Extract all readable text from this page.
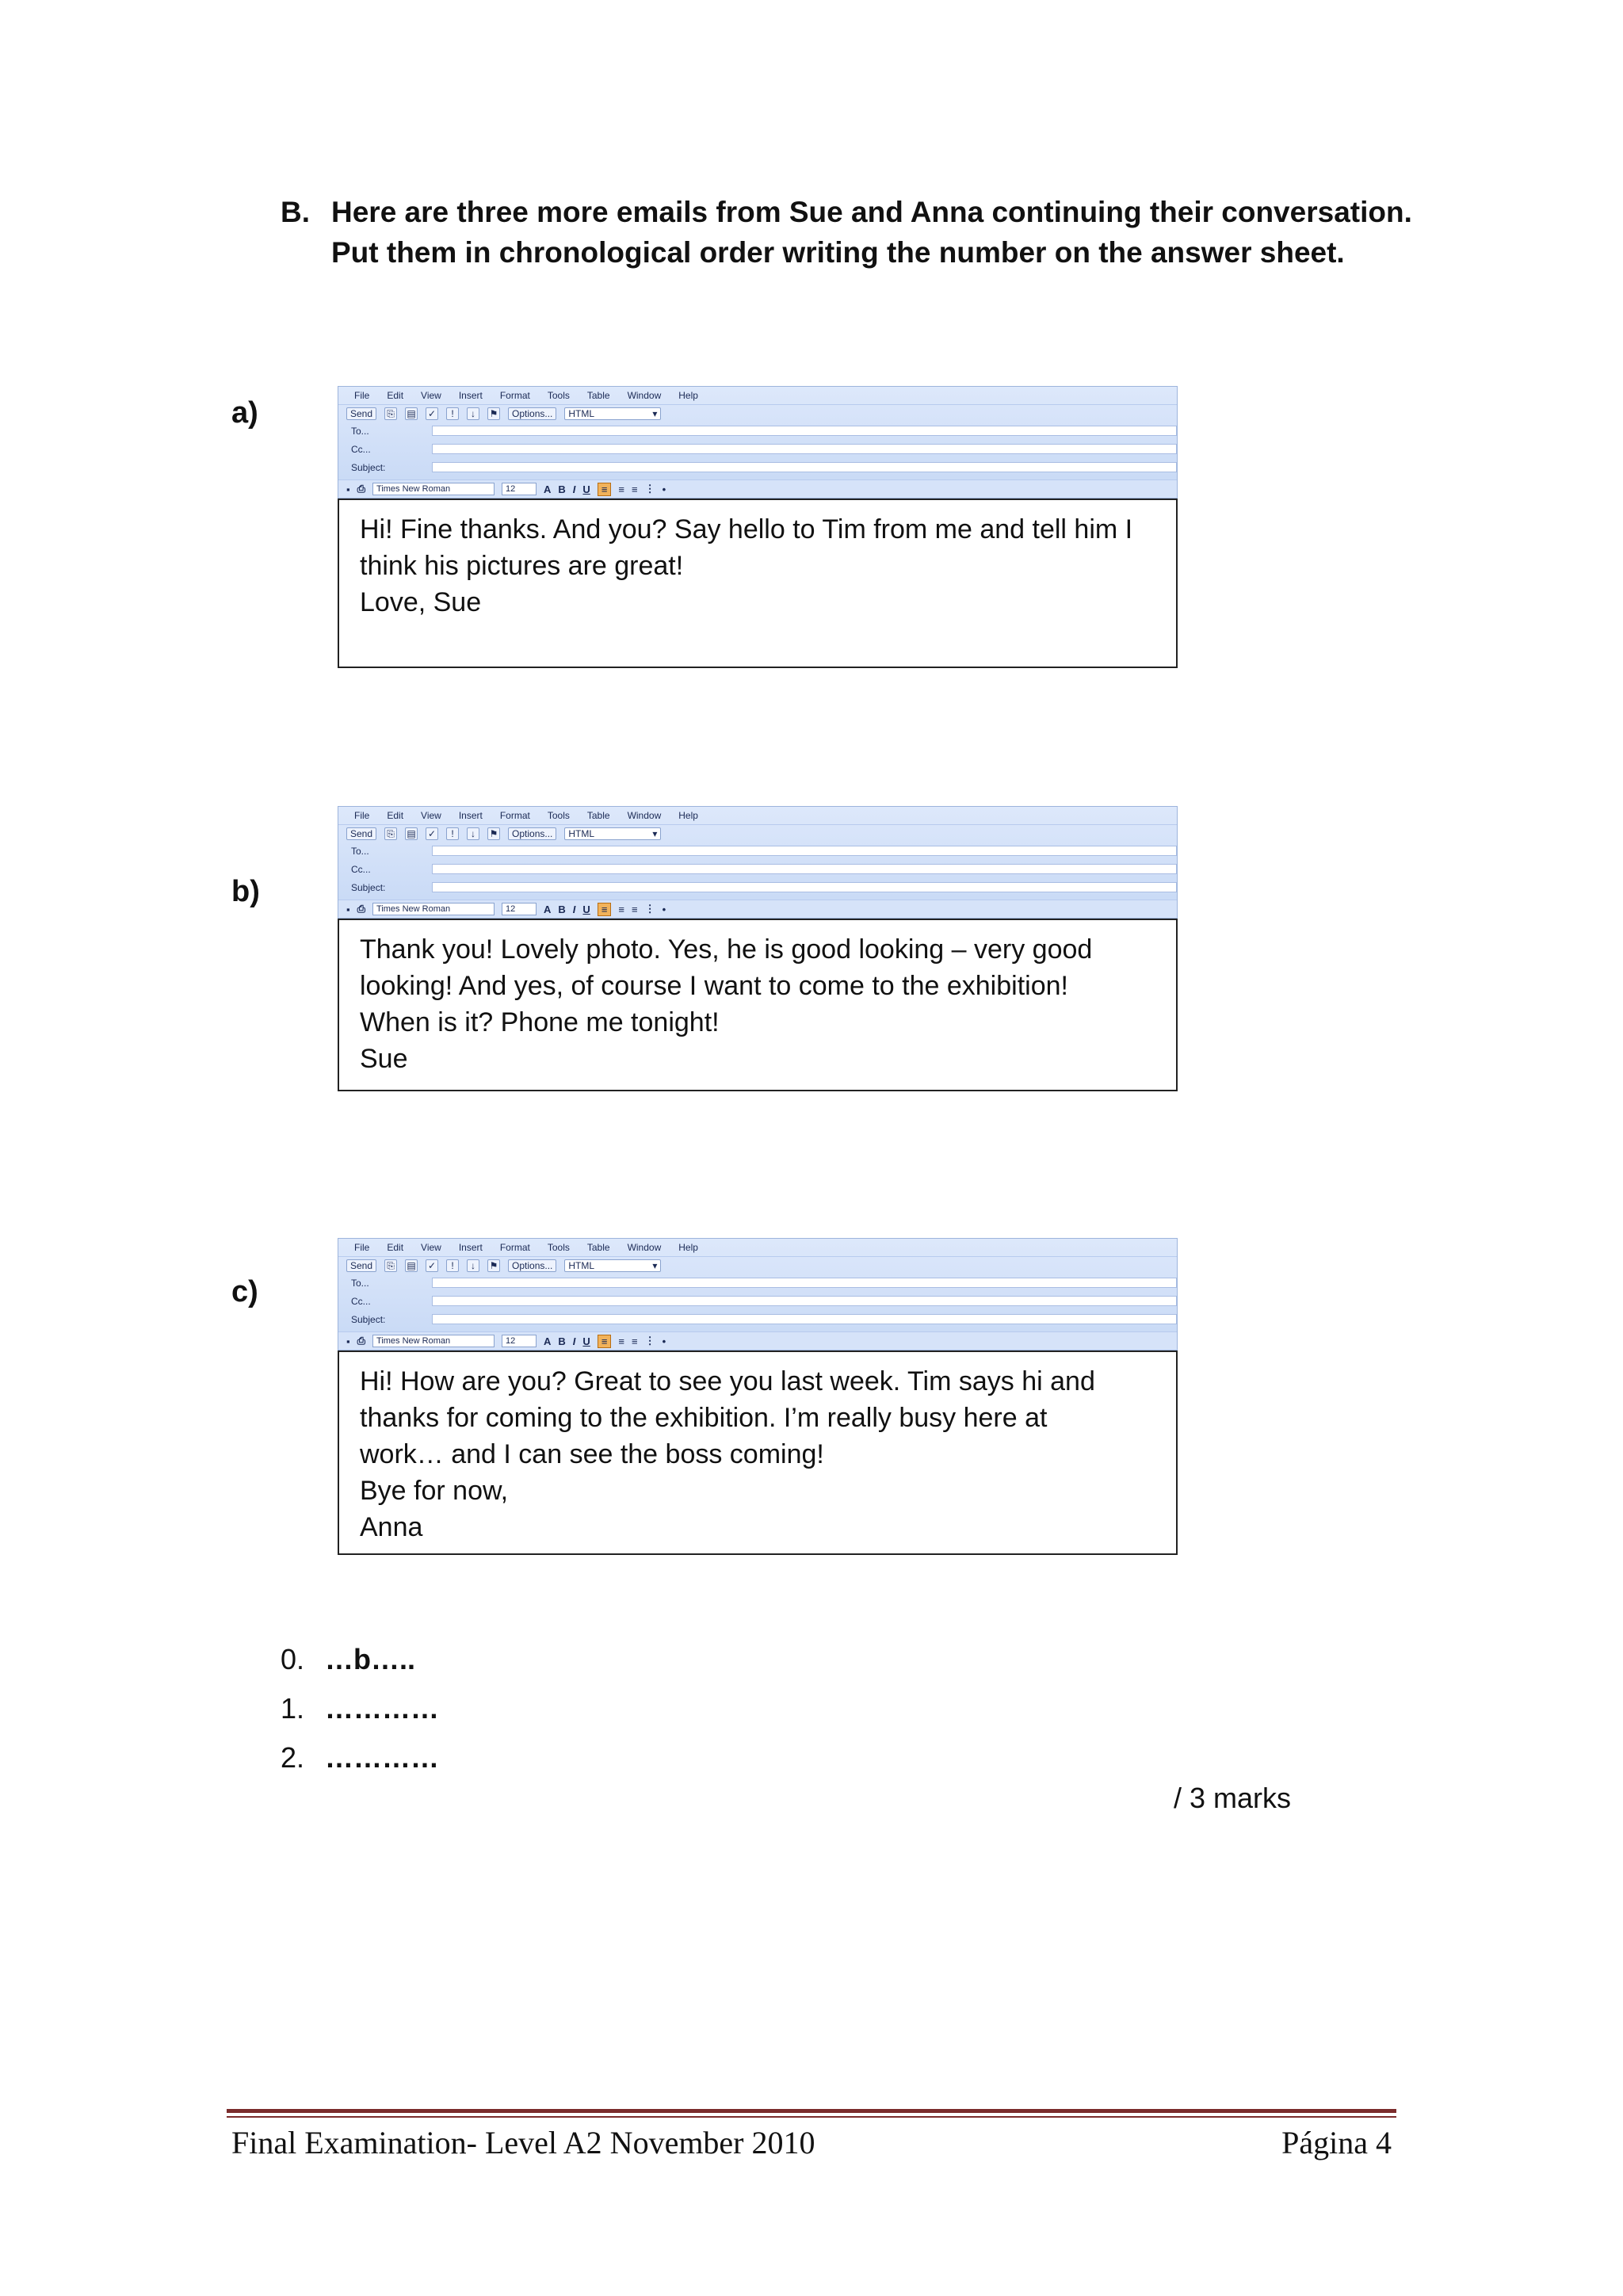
B. Here are three more emails from Sue and Anna continuing their conversation.
Put them in chronological order writing the number on the answer sheet.
a)
File Edit View Insert Format Tools Table Window Help
Send	⎘ ▤ ✓	!	↓	⚑	Options...	HTML	▾
To...
Cc...
Subject:
▪ ⎙	Times New Roman	12	A B I U	≡	≡ ≡ ⋮ •

Hi! Fine thanks. And you? Say hello to Tim from me and tell him I

think his pictures are great!

Love, Sue

b)
File Edit View Insert Format Tools Table Window Help
Send	⎘ ▤ ✓	!	↓	⚑	Options...	HTML	▾
To...
Cc...
Subject:
▪ ⎙	Times New Roman	12	A B I U	≡	≡ ≡ ⋮ •

Thank you! Lovely photo. Yes, he is good looking – very good

looking! And yes, of course I want to come to the exhibition!

When is it? Phone me tonight!

Sue

c)
File Edit View Insert Format Tools Table Window Help
Send	⎘ ▤ ✓	!	↓	⚑	Options...	HTML	▾
To...
Cc...
Subject:
▪ ⎙	Times New Roman	12	A B I U	≡	≡ ≡ ⋮ •

Hi! How are you? Great to see you last week. Tim says hi and

thanks for coming to the exhibition. I’m really busy here at

work… and I can see the boss coming!

Bye for now,

Anna

0. …b…..
1. …………
2. …………
/ 3 marks
Final Examination- Level A2 November 2010	Página 4
